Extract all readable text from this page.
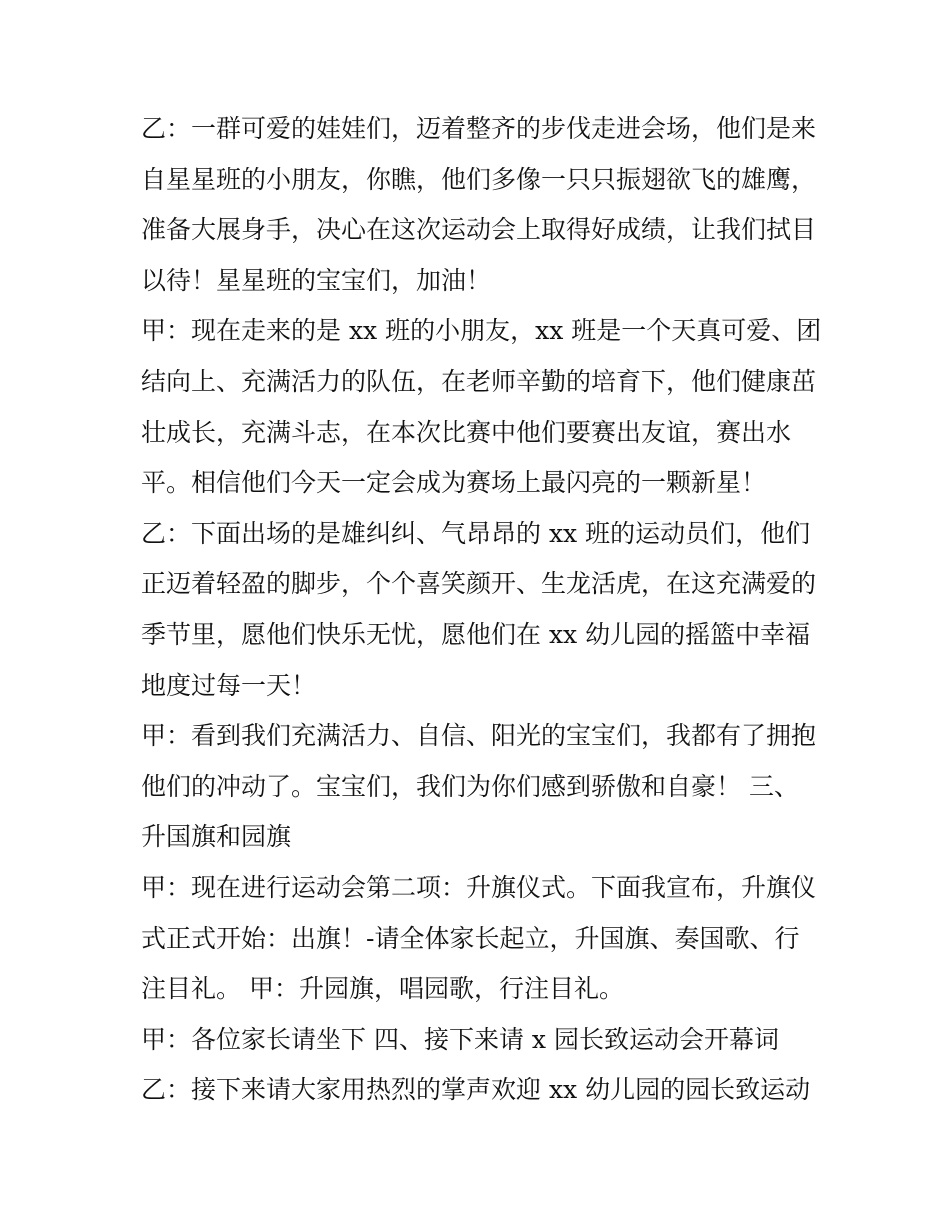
乙：一群可爱的娃娃们，迈着整齐的步伐走进会场，他们是来
自星星班的小朋友，你瞧，他们多像一只只振翅欲飞的雄鹰，
准备大展身手，决心在这次运动会上取得好成绩，让我们拭目
以待！星星班的宝宝们，加油！
甲：现在走来的是 xx 班的小朋友，xx 班是一个天真可爱、团
结向上、充满活力的队伍，在老师辛勤的培育下，他们健康茁
壮成长，充满斗志，在本次比赛中他们要赛出友谊，赛出水
平。相信他们今天一定会成为赛场上最闪亮的一颗新星！
乙：下面出场的是雄纠纠、气昂昂的 xx 班的运动员们，他们
正迈着轻盈的脚步，个个喜笑颜开、生龙活虎，在这充满爱的
季节里，愿他们快乐无忧，愿他们在 xx 幼儿园的摇篮中幸福
地度过每一天！
甲：看到我们充满活力、自信、阳光的宝宝们，我都有了拥抱
他们的冲动了。宝宝们，我们为你们感到骄傲和自豪！ 三、
升国旗和园旗
甲：现在进行运动会第二项：升旗仪式。下面我宣布，升旗仪
式正式开始：出旗！-请全体家长起立，升国旗、奏国歌、行
注目礼。 甲：升园旗，唱园歌，行注目礼。
甲：各位家长请坐下 四、接下来请 x 园长致运动会开幕词
乙：接下来请大家用热烈的掌声欢迎 xx 幼儿园的园长致运动
